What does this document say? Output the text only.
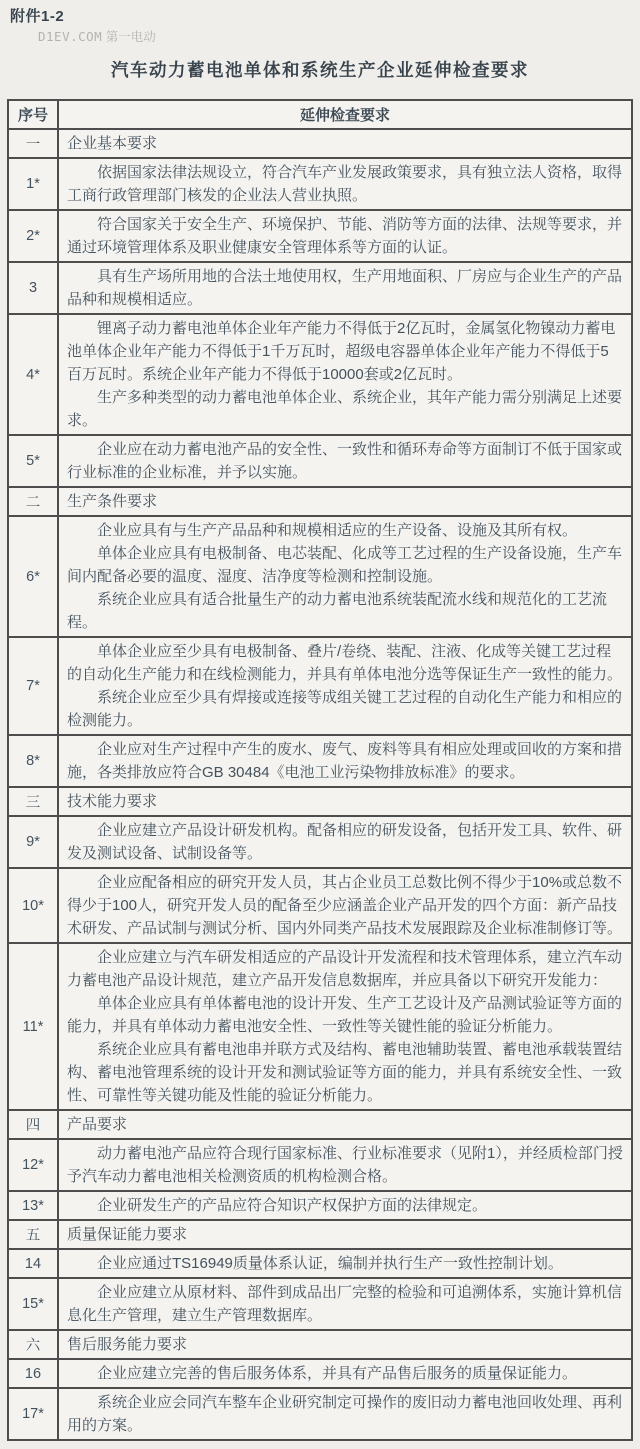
附件1-2
D1EV.COM 第一电动
汽车动力蓄电池单体和系统生产企业延伸检查要求
序号	延伸检查要求
一	企业基本要求

1*	依据国家法律法规设立，符合汽车产业发展政策要求，具有独立法人资格，取得工商行政管理部门核发的企业法人营业执照。

2*	符合国家关于安全生产、环境保护、节能、消防等方面的法律、法规等要求，并通过环境管理体系及职业健康安全管理体系等方面的认证。

3	具有生产场所用地的合法土地使用权，生产用地面积、厂房应与企业生产的产品品种和规模相适应。

4*	锂离子动力蓄电池单体企业年产能力不得低于2亿瓦时，金属氢化物镍动力蓄电池单体企业年产能力不得低于1千万瓦时，超级电容器单体企业年产能力不得低于5百万瓦时。系统企业年产能力不得低于10000套或2亿瓦时。
生产多种类型的动力蓄电池单体企业、系统企业，其年产能力需分别满足上述要求。

5*	企业应在动力蓄电池产品的安全性、一致性和循环寿命等方面制订不低于国家或行业标准的企业标准，并予以实施。

二	生产条件要求

6*	企业应具有与生产产品品种和规模相适应的生产设备、设施及其所有权。
单体企业应具有电极制备、电芯装配、化成等工艺过程的生产设备设施，生产车间内配备必要的温度、湿度、洁净度等检测和控制设施。
系统企业应具有适合批量生产的动力蓄电池系统装配流水线和规范化的工艺流程。

7*	单体企业应至少具有电极制备、叠片/卷绕、装配、注液、化成等关键工艺过程的自动化生产能力和在线检测能力，并具有单体电池分选等保证生产一致性的能力。
系统企业应至少具有焊接或连接等成组关键工艺过程的自动化生产能力和相应的检测能力。

8*	企业应对生产过程中产生的废水、废气、废料等具有相应处理或回收的方案和措施，各类排放应符合GB 30484《电池工业污染物排放标准》的要求。

三	技术能力要求

9*	企业应建立产品设计研发机构。配备相应的研发设备，包括开发工具、软件、研发及测试设备、试制设备等。

10*	企业应配备相应的研究开发人员，其占企业员工总数比例不得少于10%或总数不得少于100人，研究开发人员的配备至少应涵盖企业产品开发的四个方面：新产品技术研发、产品试制与测试分析、国内外同类产品技术发展跟踪及企业标准制修订等。

11*	企业应建立与汽车研发相适应的产品设计开发流程和技术管理体系，建立汽车动力蓄电池产品设计规范，建立产品开发信息数据库，并应具备以下研究开发能力：
单体企业应具有单体蓄电池的设计开发、生产工艺设计及产品测试验证等方面的能力，并具有单体动力蓄电池安全性、一致性等关键性能的验证分析能力。
系统企业应具有蓄电池串并联方式及结构、蓄电池辅助装置、蓄电池承载装置结构、蓄电池管理系统的设计开发和测试验证等方面的能力，并具有系统安全性、一致性、可靠性等关键功能及性能的验证分析能力。

四	产品要求

12*	动力蓄电池产品应符合现行国家标准、行业标准要求（见附1），并经质检部门授予汽车动力蓄电池相关检测资质的机构检测合格。

13*	企业研发生产的产品应符合知识产权保护方面的法律规定。

五	质量保证能力要求

14	企业应通过TS16949质量体系认证，编制并执行生产一致性控制计划。

15*	企业应建立从原材料、部件到成品出厂完整的检验和可追溯体系，实施计算机信息化生产管理，建立生产管理数据库。

六	售后服务能力要求

16	企业应建立完善的售后服务体系，并具有产品售后服务的质量保证能力。

17*	系统企业应会同汽车整车企业研究制定可操作的废旧动力蓄电池回收处理、再利用的方案。
